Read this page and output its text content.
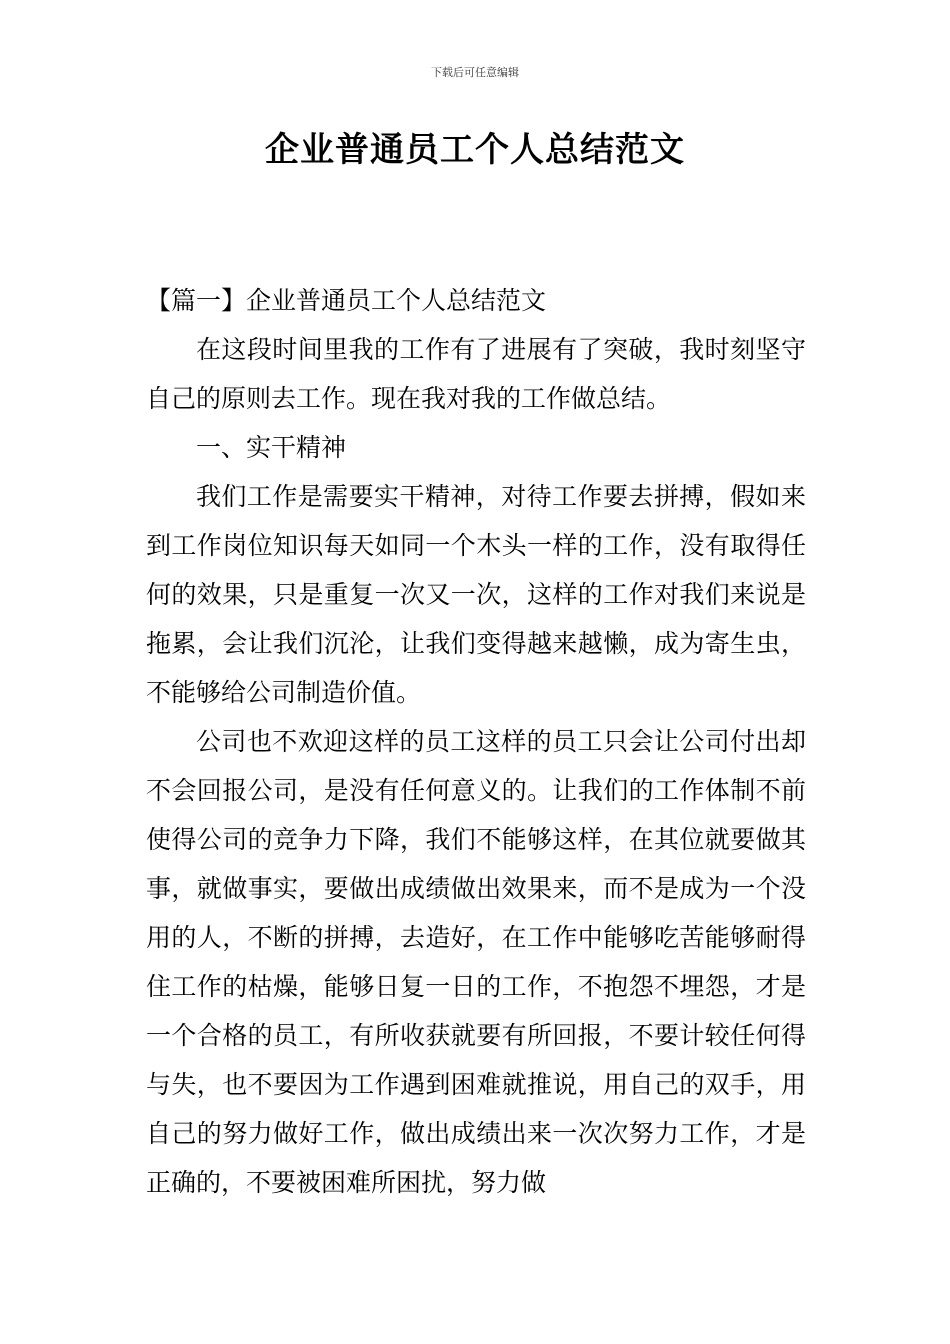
下载后可任意编辑
企业普通员工个人总结范文

【篇一】企业普通员工个人总结范文

在这段时间里我的工作有了进展有了突破，我时刻坚守自己的原则去工作。现在我对我的工作做总结。

一、实干精神

我们工作是需要实干精神，对待工作要去拼搏，假如来到工作岗位知识每天如同一个木头一样的工作，没有取得任何的效果，只是重复一次又一次，这样的工作对我们来说是拖累，会让我们沉沦，让我们变得越来越懒，成为寄生虫，不能够给公司制造价值。

公司也不欢迎这样的员工这样的员工只会让公司付出却不会回报公司，是没有任何意义的。让我们的工作体制不前使得公司的竞争力下降，我们不能够这样，在其位就要做其事，就做事实，要做出成绩做出效果来，而不是成为一个没用的人，不断的拼搏，去造好，在工作中能够吃苦能够耐得住工作的枯燥，能够日复一日的工作，不抱怨不埋怨，才是一个合格的员工，有所收获就要有所回报，不要计较任何得与失，也不要因为工作遇到困难就推说，用自己的双手，用自己的努力做好工作，做出成绩出来一次次努力工作，才是正确的，不要被困难所困扰，努力做
